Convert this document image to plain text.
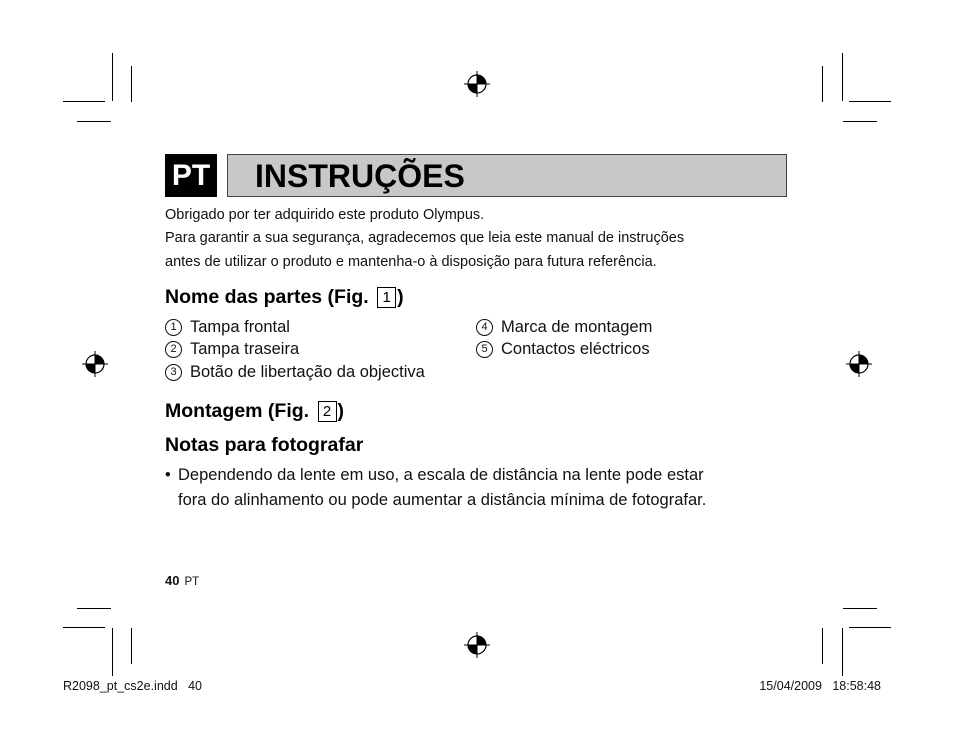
PT INSTRUÇÕES
Obrigado por ter adquirido este produto Olympus.
Para garantir a sua segurança, agradecemos que leia este manual de instruções
antes de utilizar o produto e mantenha-o à disposição para futura referência.
Nome das partes (Fig. 1 )
1 Tampa frontal
2 Tampa traseira
3 Botão de libertação da objectiva
4 Marca de montagem
5 Contactos eléctricos
Montagem (Fig. 2 )
Notas para fotografar
• Dependendo da lente em uso, a escala de distância na lente pode estar
fora do alinhamento ou pode aumentar a distância mínima de fotografar.
40 PT
R2098_pt_cs2e.indd   40	15/04/2009   18:58:48
